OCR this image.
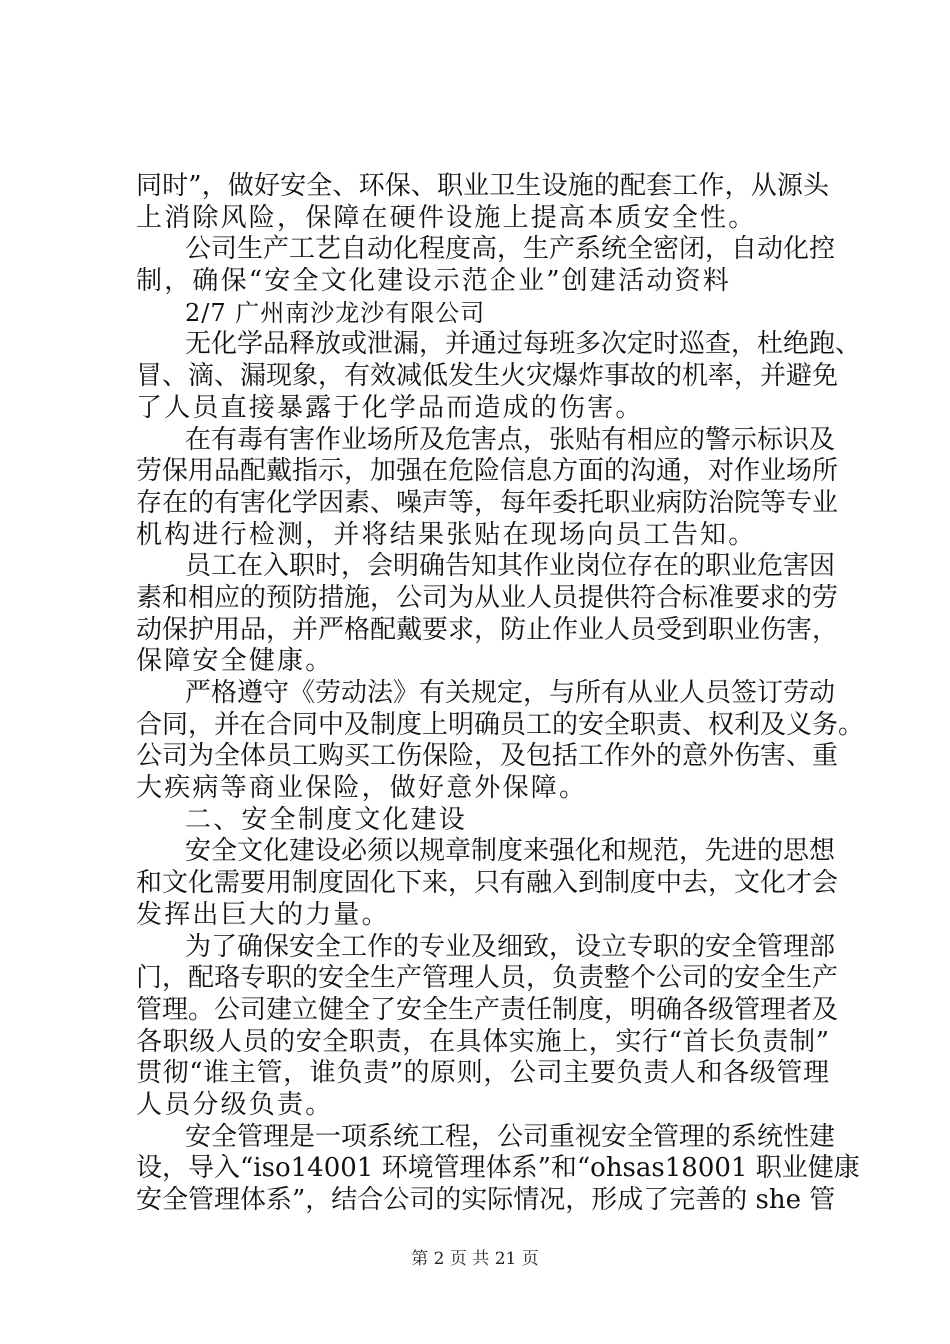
同时”，做好安全、环保、职业卫生设施的配套工作，从源头
上消除风险，保障在硬件设施上提高本质安全性。
公司生产工艺自动化程度高，生产系统全密闭，自动化控
制，确保“安全文化建设示范企业”创建活动资料
2/7 广州南沙龙沙有限公司
无化学品释放或泄漏，并通过每班多次定时巡查，杜绝跑、
冒、滴、漏现象，有效减低发生火灾爆炸事故的机率，并避免
了人员直接暴露于化学品而造成的伤害。
在有毒有害作业场所及危害点，张贴有相应的警示标识及
劳保用品配戴指示，加强在危险信息方面的沟通，对作业场所
存在的有害化学因素、噪声等，每年委托职业病防治院等专业
机构进行检测，并将结果张贴在现场向员工告知。
员工在入职时，会明确告知其作业岗位存在的职业危害因
素和相应的预防措施，公司为从业人员提供符合标准要求的劳
动保护用品，并严格配戴要求，防止作业人员受到职业伤害，
保障安全健康。
严格遵守《劳动法》有关规定，与所有从业人员签订劳动
合同，并在合同中及制度上明确员工的安全职责、权利及义务。
公司为全体员工购买工伤保险，及包括工作外的意外伤害、重
大疾病等商业保险，做好意外保障。
二、安全制度文化建设
安全文化建设必须以规章制度来强化和规范，先进的思想
和文化需要用制度固化下来，只有融入到制度中去，文化才会
发挥出巨大的力量。
为了确保安全工作的专业及细致，设立专职的安全管理部
门，配珞专职的安全生产管理人员，负责整个公司的安全生产
管理。公司建立健全了安全生产责任制度，明确各级管理者及
各职级人员的安全职责，在具体实施上，实行“首长负责制”
贯彻“谁主管，谁负责”的原则，公司主要负责人和各级管理
人员分级负责。
安全管理是一项系统工程，公司重视安全管理的系统性建
设，导入“iso14001 环境管理体系”和“ohsas18001 职业健康
安全管理体系”，结合公司的实际情况，形成了完善的 she 管
第 2 页 共 21 页
